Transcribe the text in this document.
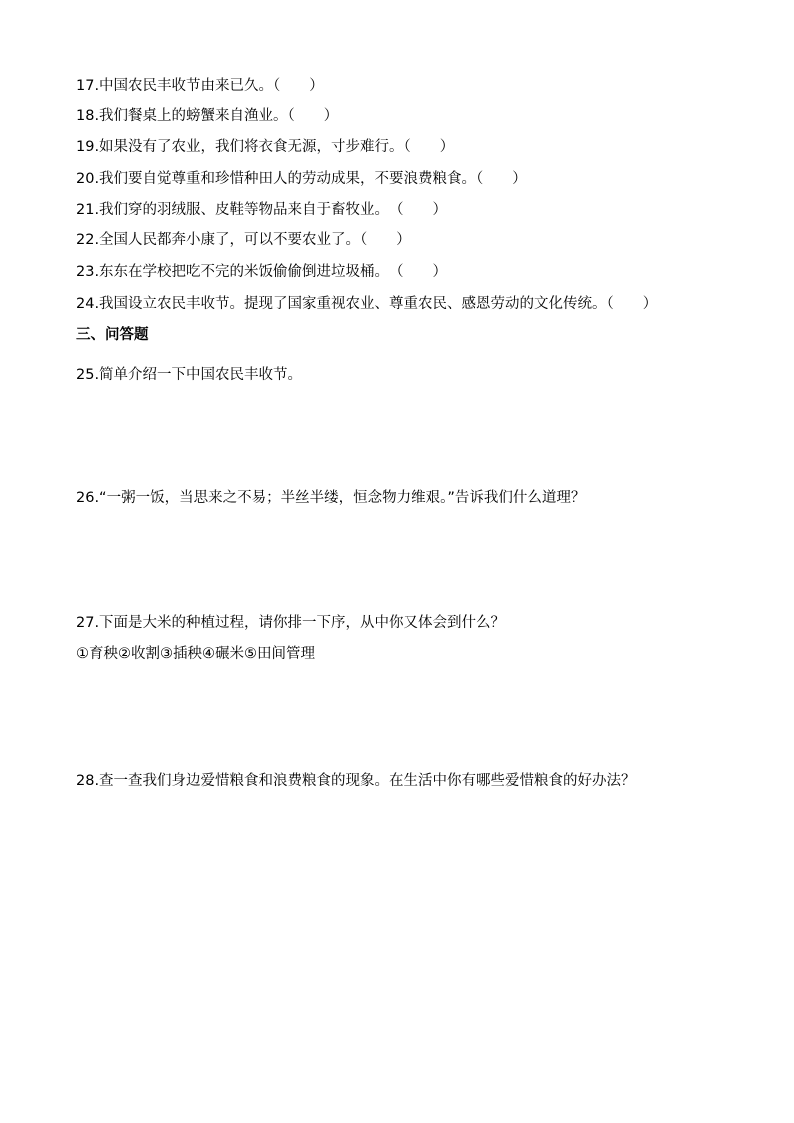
17.中国农民丰收节由来已久。（　　）
18.我们餐桌上的螃蟹来自渔业。（　　）
19.如果没有了农业，我们将衣食无源，寸步难行。（　　）
20.我们要自觉尊重和珍惜种田人的劳动成果，不要浪费粮食。（　　）
21.我们穿的羽绒服、皮鞋等物品来自于畜牧业。　（　　）
22.全国人民都奔小康了，可以不要农业了。（　　）
23.东东在学校把吃不完的米饭偷偷倒进垃圾桶。　（　　）
24.我国设立农民丰收节。提现了国家重视农业、尊重农民、感恩劳动的文化传统。（　　）
三、问答题
25.简单介绍一下中国农民丰收节。
26.“一粥一饭，当思来之不易；半丝半缕，恒念物力维艰。”告诉我们什么道理？
27.下面是大米的种植过程，请你排一下序，从中你又体会到什么？
①育秧②收割③插秧④碾米⑤田间管理
28.查一查我们身边爱惜粮食和浪费粮食的现象。在生活中你有哪些爱惜粮食的好办法？
